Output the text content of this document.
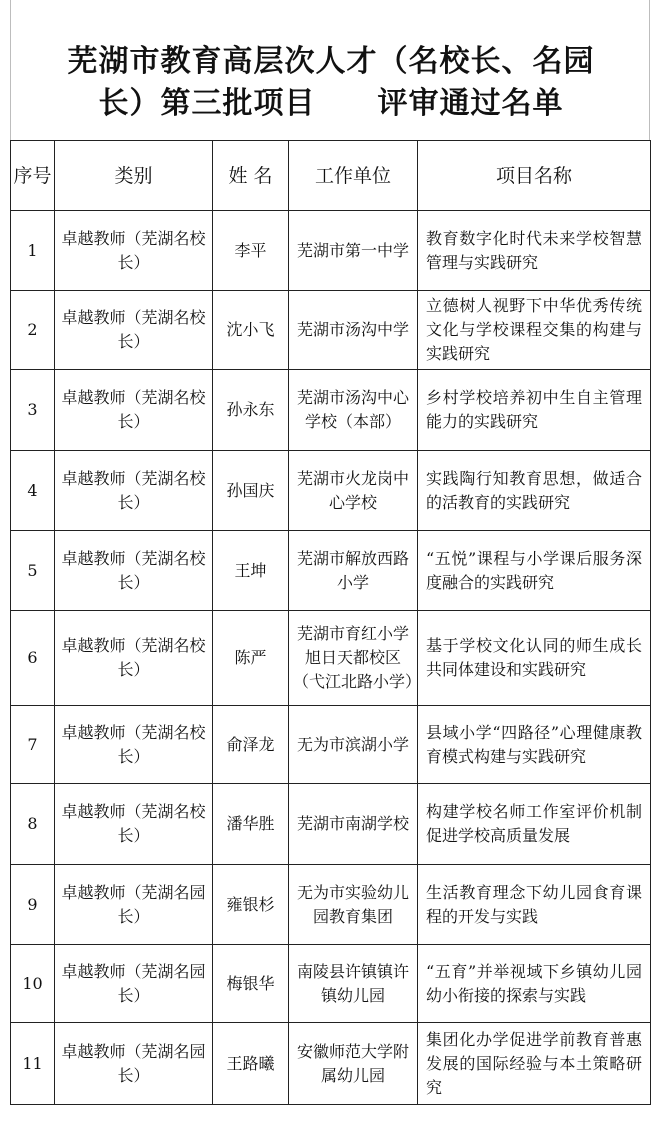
芜湖市教育高层次人才（名校长、名园
长）第三批项目　　评审通过名单
序号	类别	姓 名	工作单位	项目名称
1	卓越教师（芜湖名校长）	李平	芜湖市第一中学	教育数字化时代未来学校智慧管理与实践研究
2	卓越教师（芜湖名校长）	沈小飞	芜湖市汤沟中学	立德树人视野下中华优秀传统文化与学校课程交集的构建与实践研究
3	卓越教师（芜湖名校长）	孙永东	芜湖市汤沟中心学校（本部）	乡村学校培养初中生自主管理能力的实践研究
4	卓越教师（芜湖名校长）	孙国庆	芜湖市火龙岗中心学校	实践陶行知教育思想，做适合的活教育的实践研究
5	卓越教师（芜湖名校长）	王坤	芜湖市解放西路小学	“五悦”课程与小学课后服务深度融合的实践研究
6	卓越教师（芜湖名校长）	陈严	芜湖市育红小学旭日天都校区（弋江北路小学）	基于学校文化认同的师生成长共同体建设和实践研究
7	卓越教师（芜湖名校长）	俞泽龙	无为市滨湖小学	县域小学“四路径”心理健康教育模式构建与实践研究
8	卓越教师（芜湖名校长）	潘华胜	芜湖市南湖学校	构建学校名师工作室评价机制　促进学校高质量发展
9	卓越教师（芜湖名园长）	雍银杉	无为市实验幼儿园教育集团	生活教育理念下幼儿园食育课程的开发与实践
10	卓越教师（芜湖名园长）	梅银华	南陵县许镇镇许镇幼儿园	“五育”并举视域下乡镇幼儿园幼小衔接的探索与实践
11	卓越教师（芜湖名园长）	王路曦	安徽师范大学附属幼儿园	集团化办学促进学前教育普惠发展的国际经验与本土策略研究
